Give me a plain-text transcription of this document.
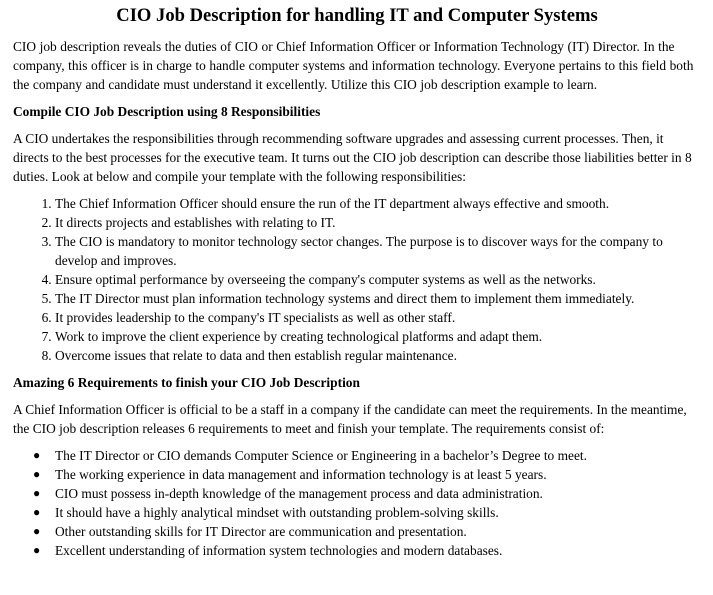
CIO Job Description for handling IT and Computer Systems

CIO job description reveals the duties of CIO or Chief Information Officer or Information Technology (IT) Director. In the company, this officer is in charge to handle computer systems and information technology. Everyone pertains to this field both the company and candidate must understand it excellently. Utilize this CIO job description example to learn.

Compile CIO Job Description using 8 Responsibilities

A CIO undertakes the responsibilities through recommending software upgrades and assessing current processes. Then, it directs to the best processes for the executive team. It turns out the CIO job description can describe those liabilities better in 8 duties. Look at below and compile your template with the following responsibilities:

1. The Chief Information Officer should ensure the run of the IT department always effective and smooth.
2. It directs projects and establishes with relating to IT.
3. The CIO is mandatory to monitor technology sector changes. The purpose is to discover ways for the company to develop and improves.
4. Ensure optimal performance by overseeing the company's computer systems as well as the networks.
5. The IT Director must plan information technology systems and direct them to implement them immediately.
6. It provides leadership to the company's IT specialists as well as other staff.
7. Work to improve the client experience by creating technological platforms and adapt them.
8. Overcome issues that relate to data and then establish regular maintenance.
Amazing 6 Requirements to finish your CIO Job Description

A Chief Information Officer is official to be a staff in a company if the candidate can meet the requirements. In the meantime, the CIO job description releases 6 requirements to meet and finish your template. The requirements consist of:

● The IT Director or CIO demands Computer Science or Engineering in a bachelor’s Degree to meet.
● The working experience in data management and information technology is at least 5 years.
● CIO must possess in-depth knowledge of the management process and data administration.
● It should have a highly analytical mindset with outstanding problem-solving skills.
● Other outstanding skills for IT Director are communication and presentation.
● Excellent understanding of information system technologies and modern databases.
